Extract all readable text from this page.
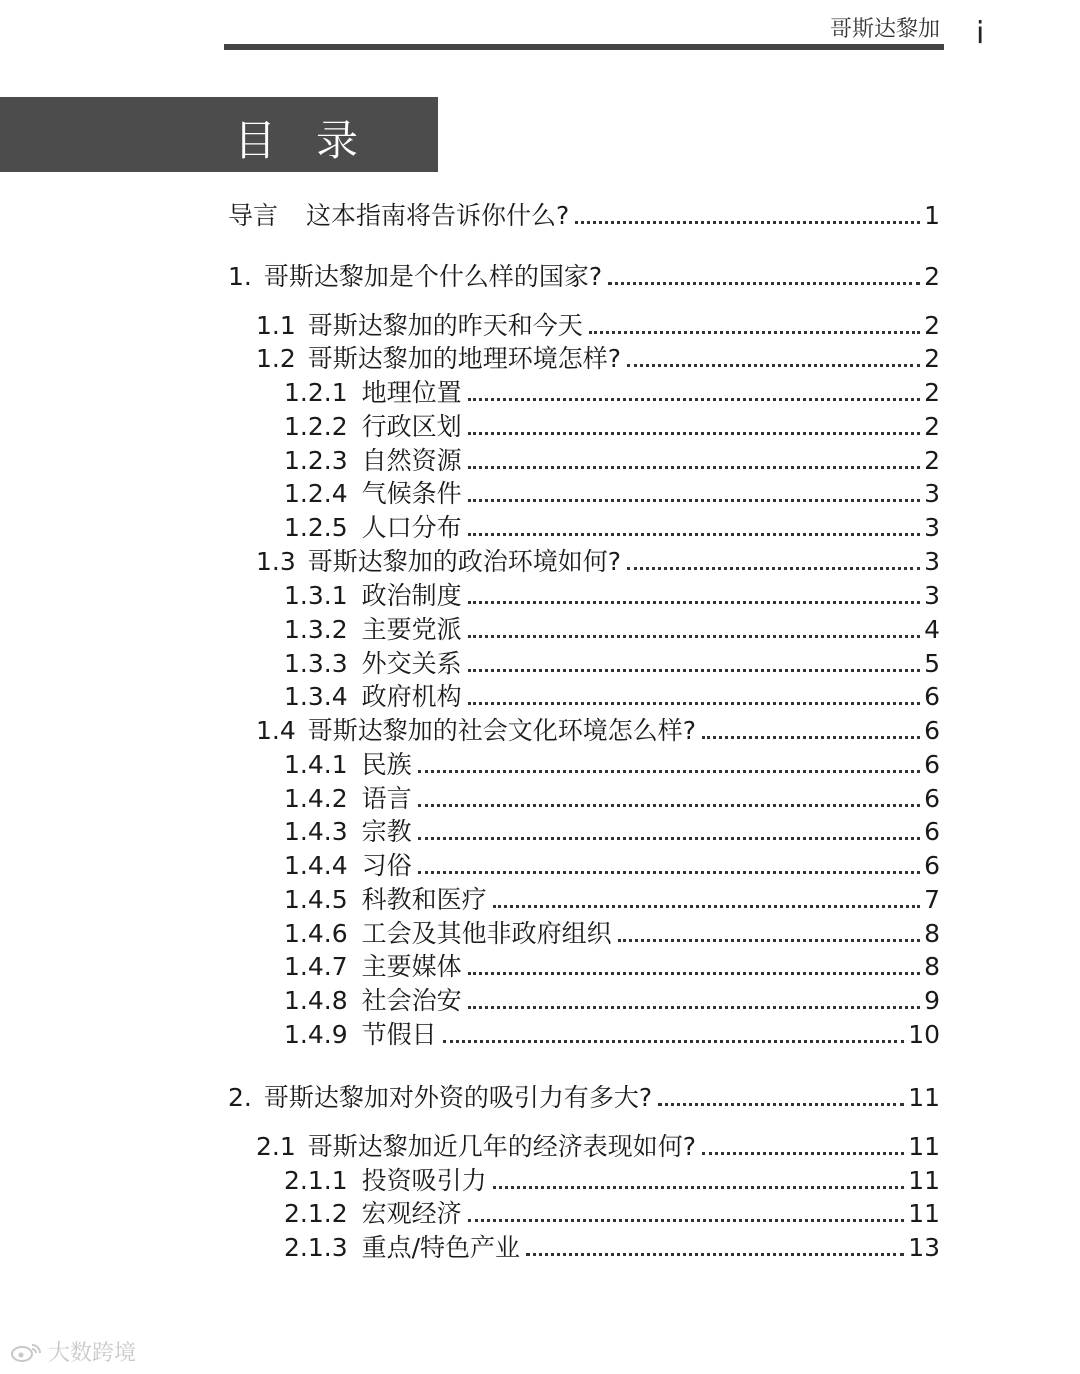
哥斯达黎加 i
目录
导言 这本指南将告诉你什么?	1
1. 哥斯达黎加是个什么样的国家?	2
1.1 哥斯达黎加的昨天和今天	2
1.2 哥斯达黎加的地理环境怎样?	2
1.2.1 地理位置	2
1.2.2 行政区划	2
1.2.3 自然资源	2
1.2.4 气候条件	3
1.2.5 人口分布	3
1.3 哥斯达黎加的政治环境如何?	3
1.3.1 政治制度	3
1.3.2 主要党派	4
1.3.3 外交关系	5
1.3.4 政府机构	6
1.4 哥斯达黎加的社会文化环境怎么样?	6
1.4.1 民族	6
1.4.2 语言	6
1.4.3 宗教	6
1.4.4 习俗	6
1.4.5 科教和医疗	7
1.4.6 工会及其他非政府组织	8
1.4.7 主要媒体	8
1.4.8 社会治安	9
1.4.9 节假日	10
2. 哥斯达黎加对外资的吸引力有多大?	11
2.1 哥斯达黎加近几年的经济表现如何?	11
2.1.1 投资吸引力	11
2.1.2 宏观经济	11
2.1.3 重点/特色产业	13
大数跨境
